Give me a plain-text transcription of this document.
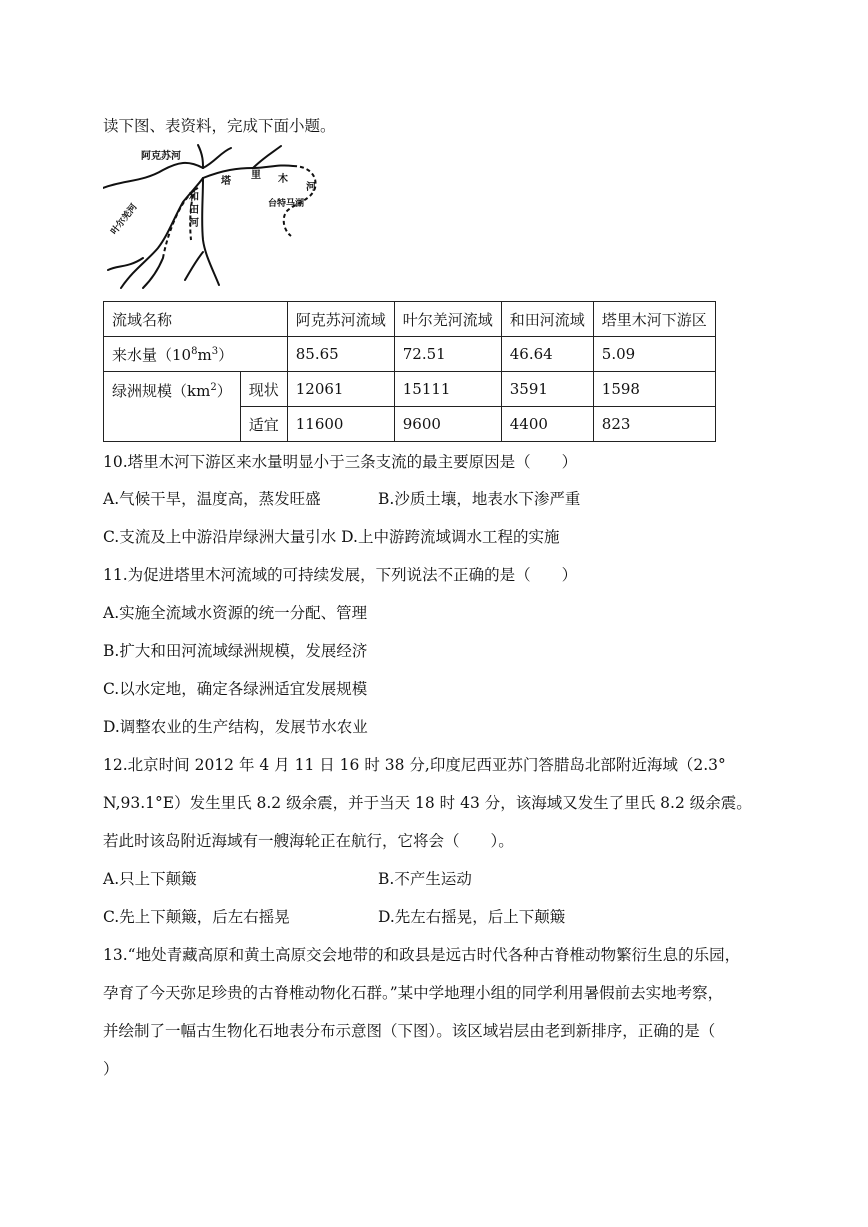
读下图、表资料，完成下面小题。
阿克苏河
塔
里 木
河
和
田
河
台特马湖
叶尔羌河
流域名称		阿克苏河流域	叶尔羌河流域	和田河流域	塔里木河下游区
来水量$(10^8m^3)$		85.65	72.51	46.64	5.09
绿洲规模$(km^2)$	现状	12061	15111	3591	1598
	适宜	11600	9600	4400	823
10.塔里木河下游区来水量明显小于三条支流的最主要原因是（　　）
A.气候干旱，温度高，蒸发旺盛	B.沙质土壤，地表水下渗严重
C.支流及上中游沿岸绿洲大量引水 D.上中游跨流域调水工程的实施
11.为促进塔里木河流域的可持续发展，下列说法不正确的是（　　）
A.实施全流域水资源的统一分配、管理
B.扩大和田河流域绿洲规模，发展经济
C.以水定地，确定各绿洲适宜发展规模
D.调整农业的生产结构，发展节水农业
12.北京时间 2012 年 4 月 11 日 16 时 38 分,印度尼西亚苏门答腊岛北部附近海域（2.3°
N,93.1°E）发生里氏 8.2 级余震，并于当天 18 时 43 分，该海域又发生了里氏 8.2 级余震。
若此时该岛附近海域有一艘海轮正在航行，它将会（　　）。
A.只上下颠簸	B.不产生运动
C.先上下颠簸，后左右摇晃	D.先左右摇晃，后上下颠簸
13.“地处青藏高原和黄土高原交会地带的和政县是远古时代各种古脊椎动物繁衍生息的乐园，
孕育了今天弥足珍贵的古脊椎动物化石群。”某中学地理小组的同学利用暑假前去实地考察，
并绘制了一幅古生物化石地表分布示意图（下图）。该区域岩层由老到新排序，正确的是（
）
